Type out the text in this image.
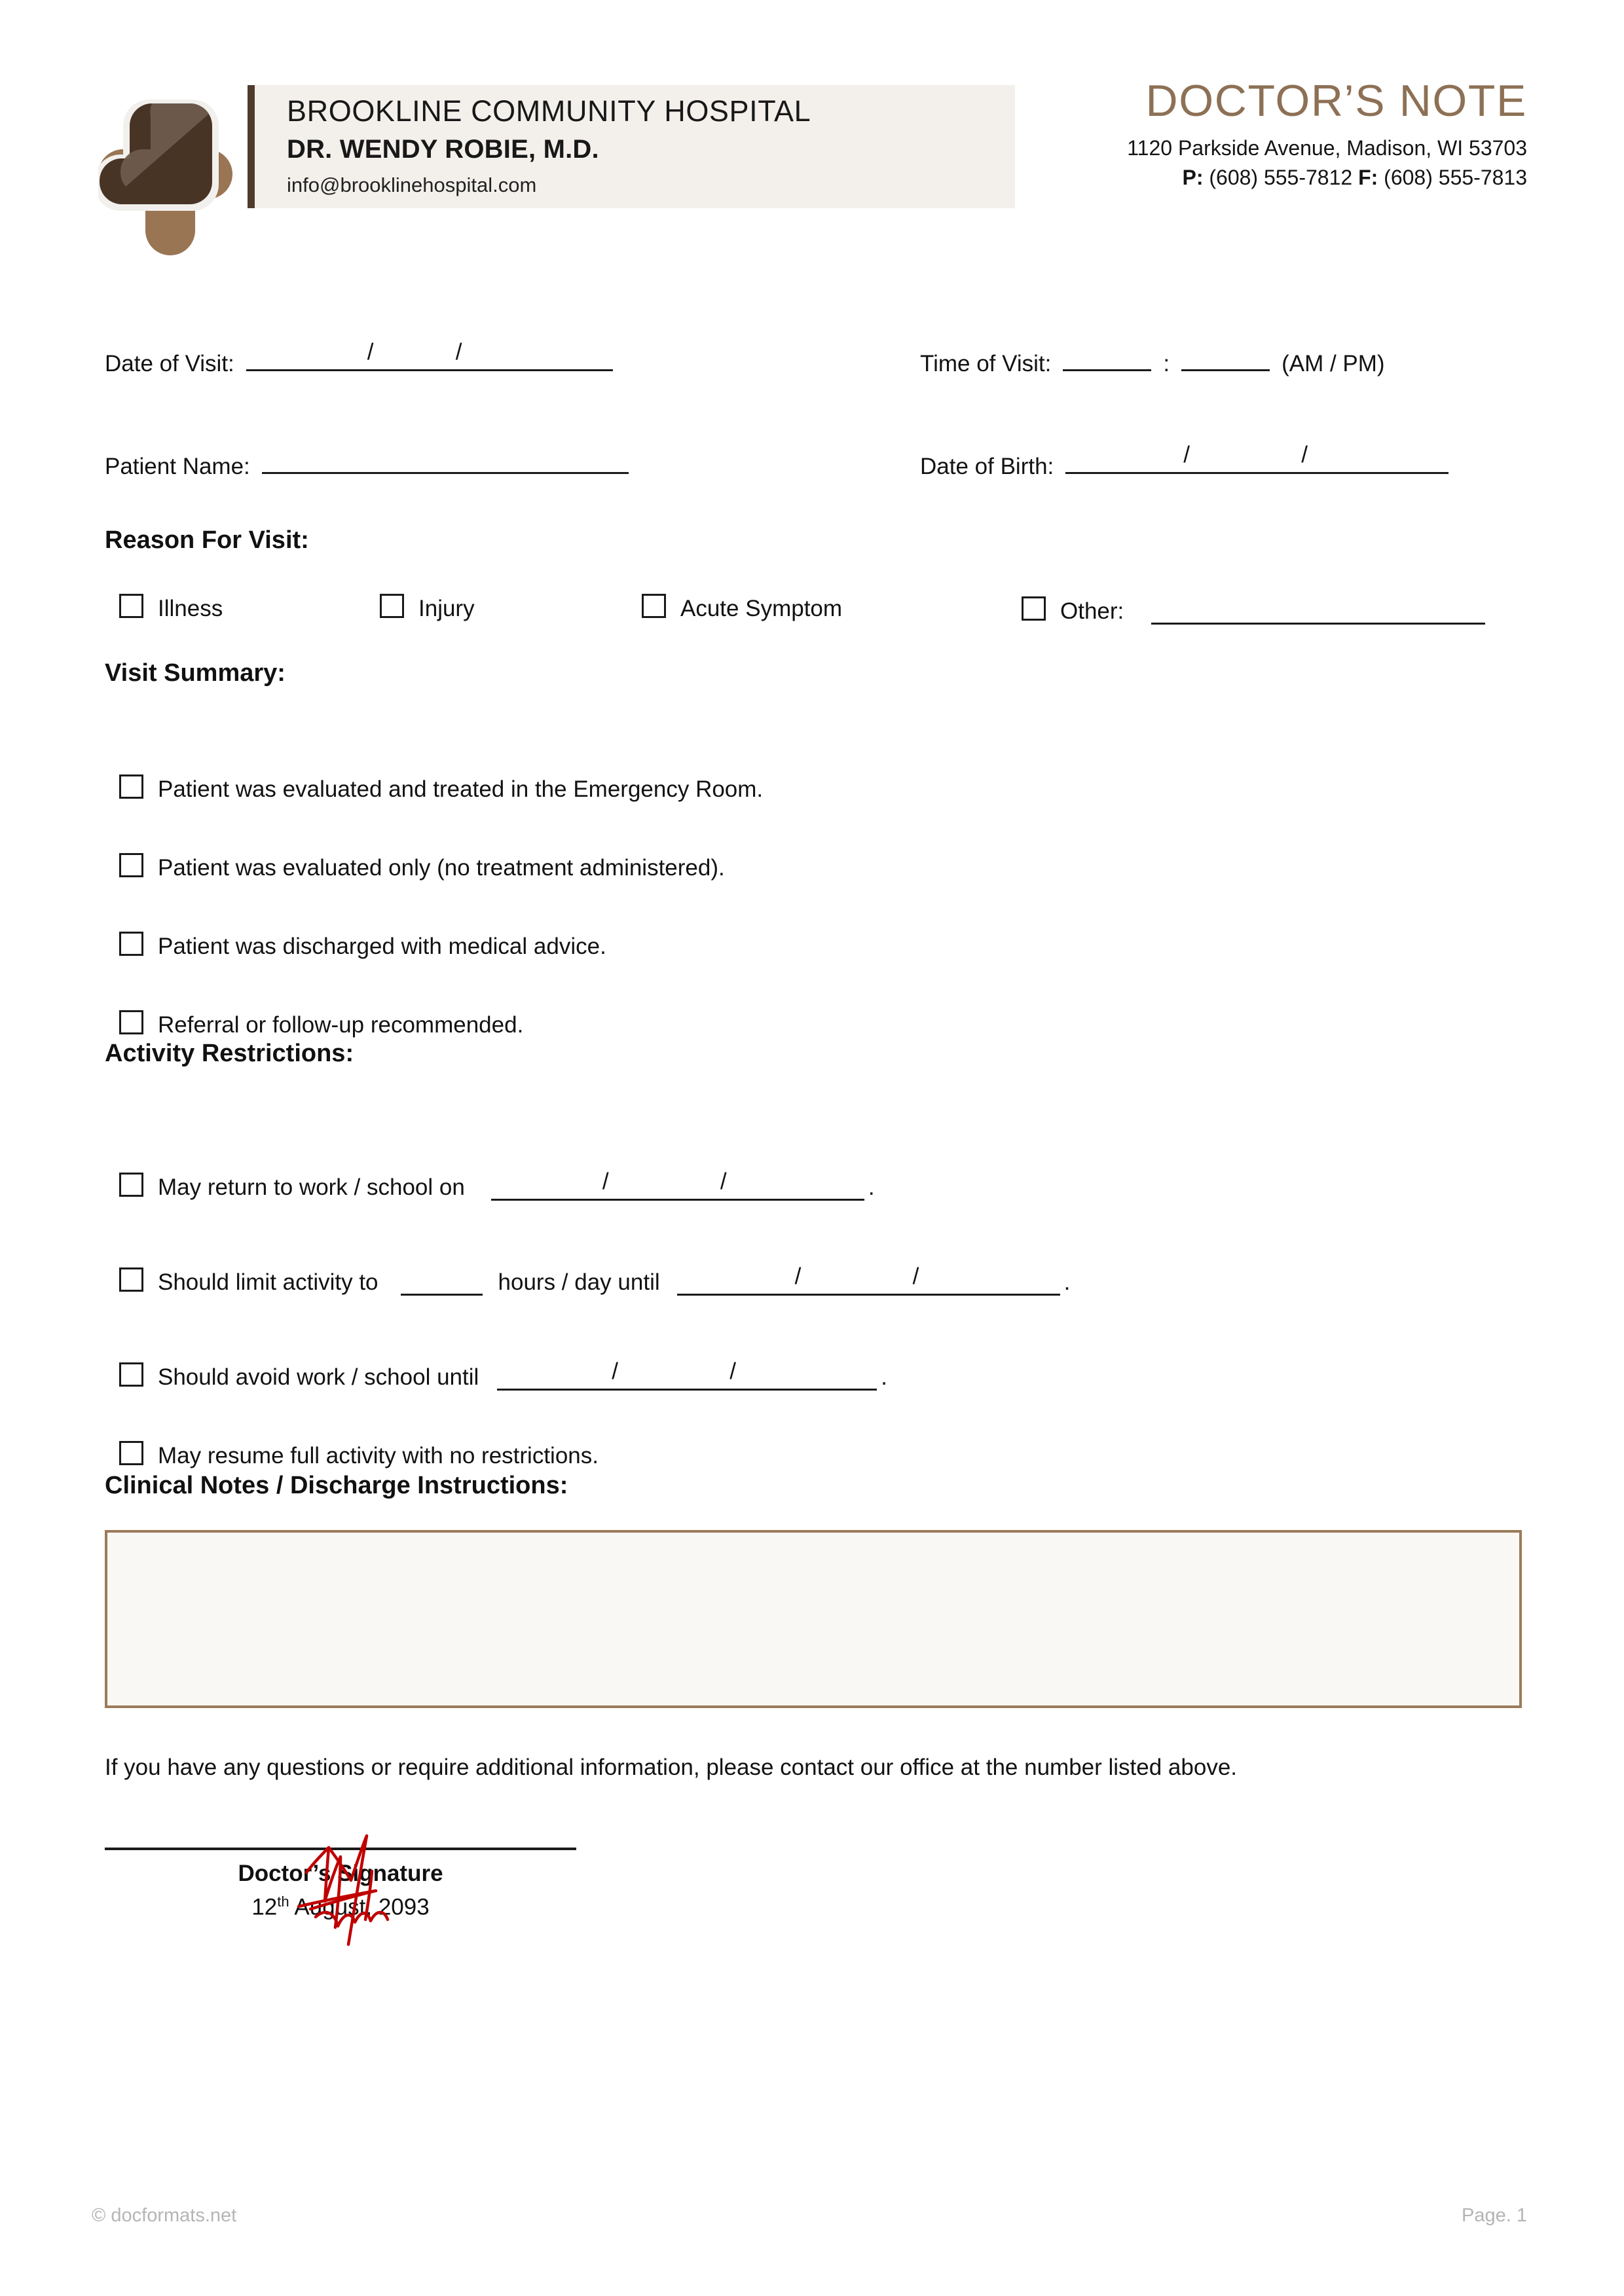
BROOKLINE COMMUNITY HOSPITAL
DR. WENDY ROBIE, M.D.
info@brooklinehospital.com
DOCTOR’S NOTE
1120 Parkside Avenue, Madison, WI 53703
P: (608) 555-7812 F: (608) 555-7813
Date of Visit:	/	/	Time of Visit:	:	(AM / PM)
Patient Name:	Date of Birth:	/	/
Reason For Visit:
Illness	Injury	Acute Symptom	Other:
Visit Summary:
Patient was evaluated and treated in the Emergency Room.
Patient was evaluated only (no treatment administered).
Patient was discharged with medical advice.
Referral or follow-up recommended.
Activity Restrictions:
May return to work / school on	/	/	.
Should limit activity to	hours / day until	/	/	.
Should avoid work / school until	/	/	.
May resume full activity with no restrictions.
Clinical Notes / Discharge Instructions:
If you have any questions or require additional information, please contact our office at the number listed above.
Doctor’s Signature
12th August, 2093
© docformats.net	Page. 1
